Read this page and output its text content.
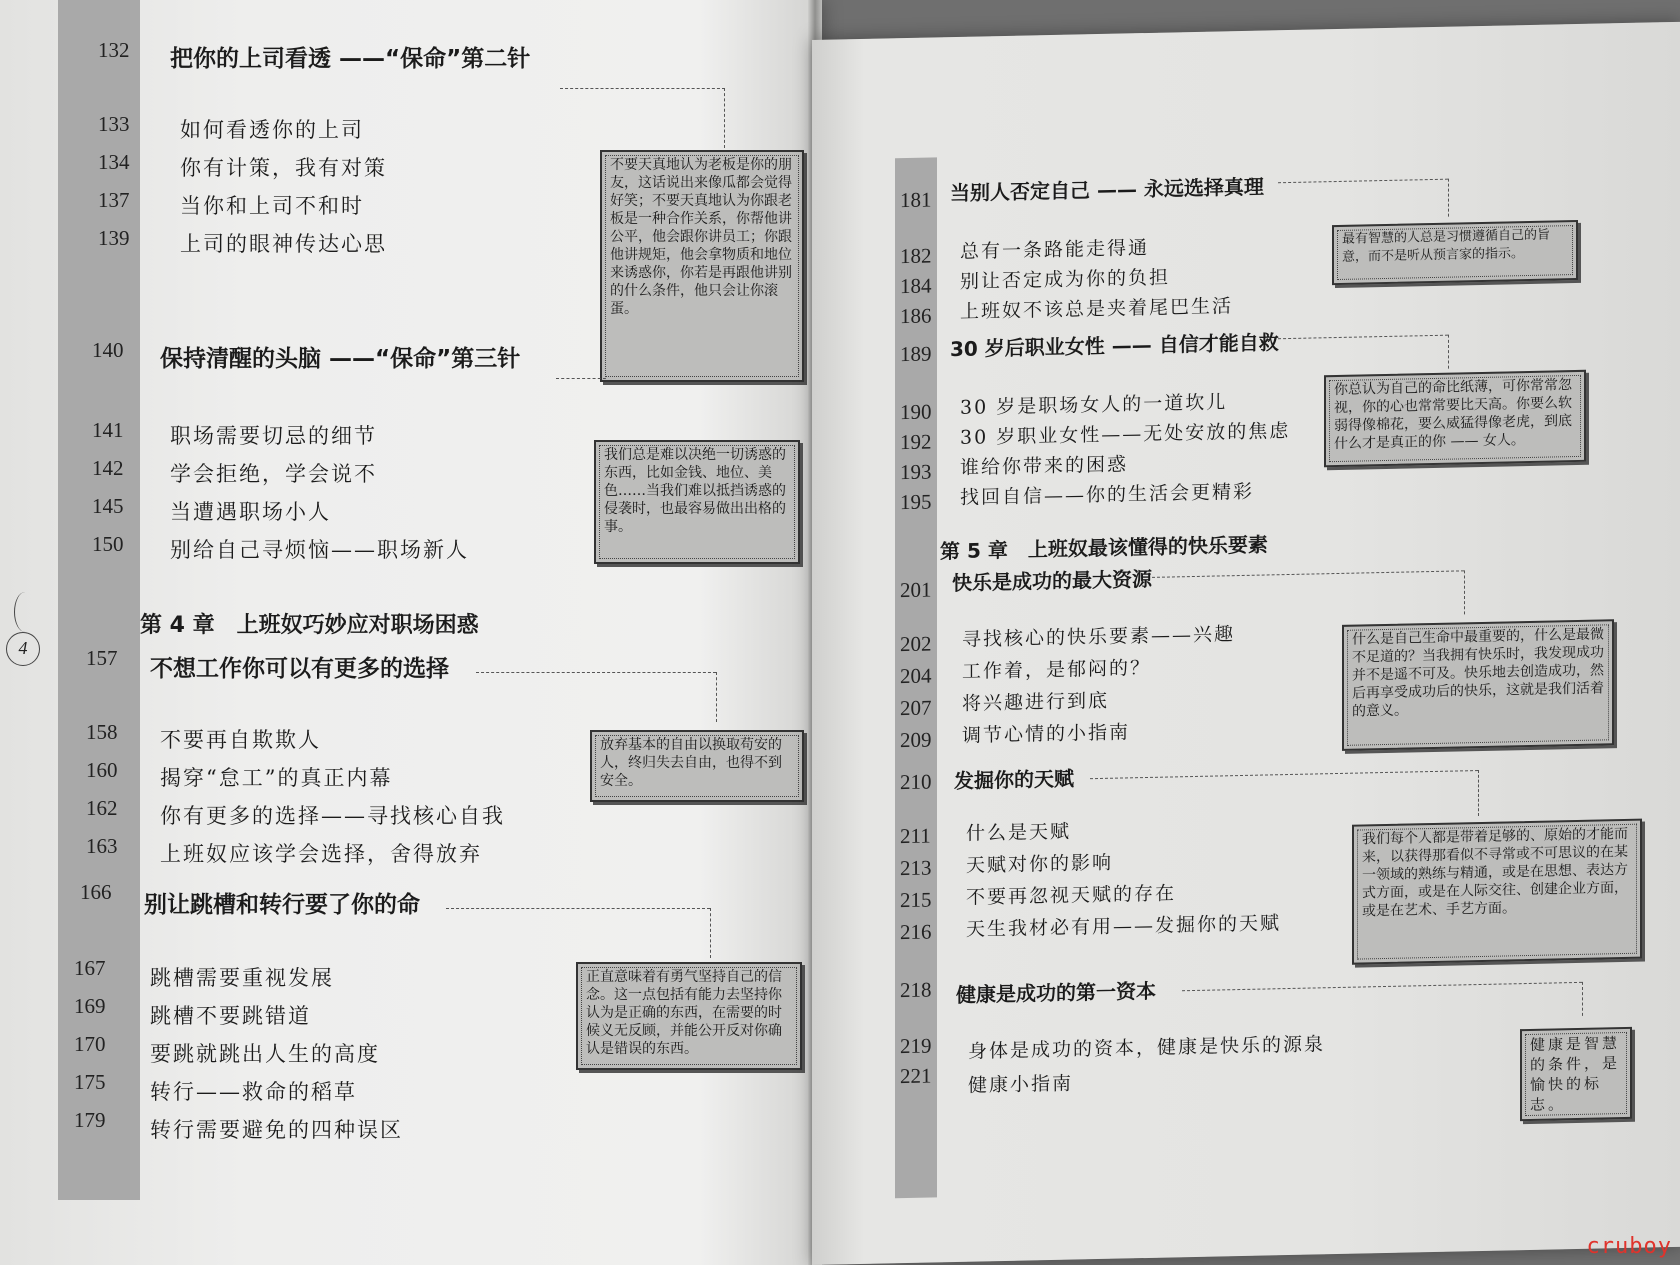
132 把你的上司看透 ——“保命”第二针
133 如何看透你的上司
134 你有计策，我有对策
137 当你和上司不和时
139 上司的眼神传达心思
不要天真地认为老板是你的朋友，这话说出来像瓜都会觉得好笑；不要天真地认为你跟老板是一种合作关系，你帮他讲公平，他会跟你讲员工；你跟他讲规矩，他会拿物质和地位来诱惑你，你若是再跟他讲别的什么条件，他只会让你滚蛋。
140 保持清醒的头脑 ——“保命”第三针
141 职场需要切忌的细节
142 学会拒绝，学会说不
145 当遭遇职场小人
150 别给自己寻烦恼——职场新人
我们总是难以决绝一切诱惑的东西，比如金钱、地位、美色……当我们难以抵挡诱惑的侵袭时，也最容易做出出格的事。
第 4 章　上班奴巧妙应对职场困惑
157 不想工作你可以有更多的选择
158 不要再自欺欺人
160 揭穿“怠工”的真正内幕
162 你有更多的选择——寻找核心自我
163 上班奴应该学会选择，舍得放弃
放弃基本的自由以换取苟安的人，终归失去自由，也得不到安全。
166 别让跳槽和转行要了你的命
167 跳槽需要重视发展
169 跳槽不要跳错道
170 要跳就跳出人生的高度
175 转行——救命的稻草
179 转行需要避免的四种误区
正直意味着有勇气坚持自己的信念。这一点包括有能力去坚持你认为是正确的东西，在需要的时候义无反顾，并能公开反对你确认是错误的东西。
4
181 当别人否定自己 —— 永远选择真理
182 总有一条路能走得通
184 别让否定成为你的负担
186 上班奴不该总是夹着尾巴生活
最有智慧的人总是习惯遵循自己的旨意，而不是听从预言家的指示。
189 30 岁后职业女性 —— 自信才能自救
190 30 岁是职场女人的一道坎儿
192 30 岁职业女性——无处安放的焦虑
193 谁给你带来的困惑
195 找回自信——你的生活会更精彩
你总认为自己的命比纸薄，可你常常忽视，你的心也常常要比天高。你要么软弱得像棉花，要么威猛得像老虎，到底什么才是真正的你 —— 女人。
第 5 章　上班奴最该懂得的快乐要素
201 快乐是成功的最大资源
202 寻找核心的快乐要素——兴趣
204 工作着，是郁闷的？
207 将兴趣进行到底
209 调节心情的小指南
什么是自己生命中最重要的，什么是最微不足道的？当我拥有快乐时，我发现成功并不是遥不可及。快乐地去创造成功，然后再享受成功后的快乐，这就是我们活着的意义。
210 发掘你的天赋
211 什么是天赋
213 天赋对你的影响
215 不要再忽视天赋的存在
216 天生我材必有用——发掘你的天赋
我们每个人都是带着足够的、原始的才能而来，以获得那看似不寻常或不可思议的在某一领域的熟练与精通，或是在思想、表达方式方面，或是在人际交往、创建企业方面，或是在艺术、手艺方面。
218 健康是成功的第一资本
219 身体是成功的资本，健康是快乐的源泉
221 健康小指南
健康是智慧的条件，是愉快的标志。
cruboy
